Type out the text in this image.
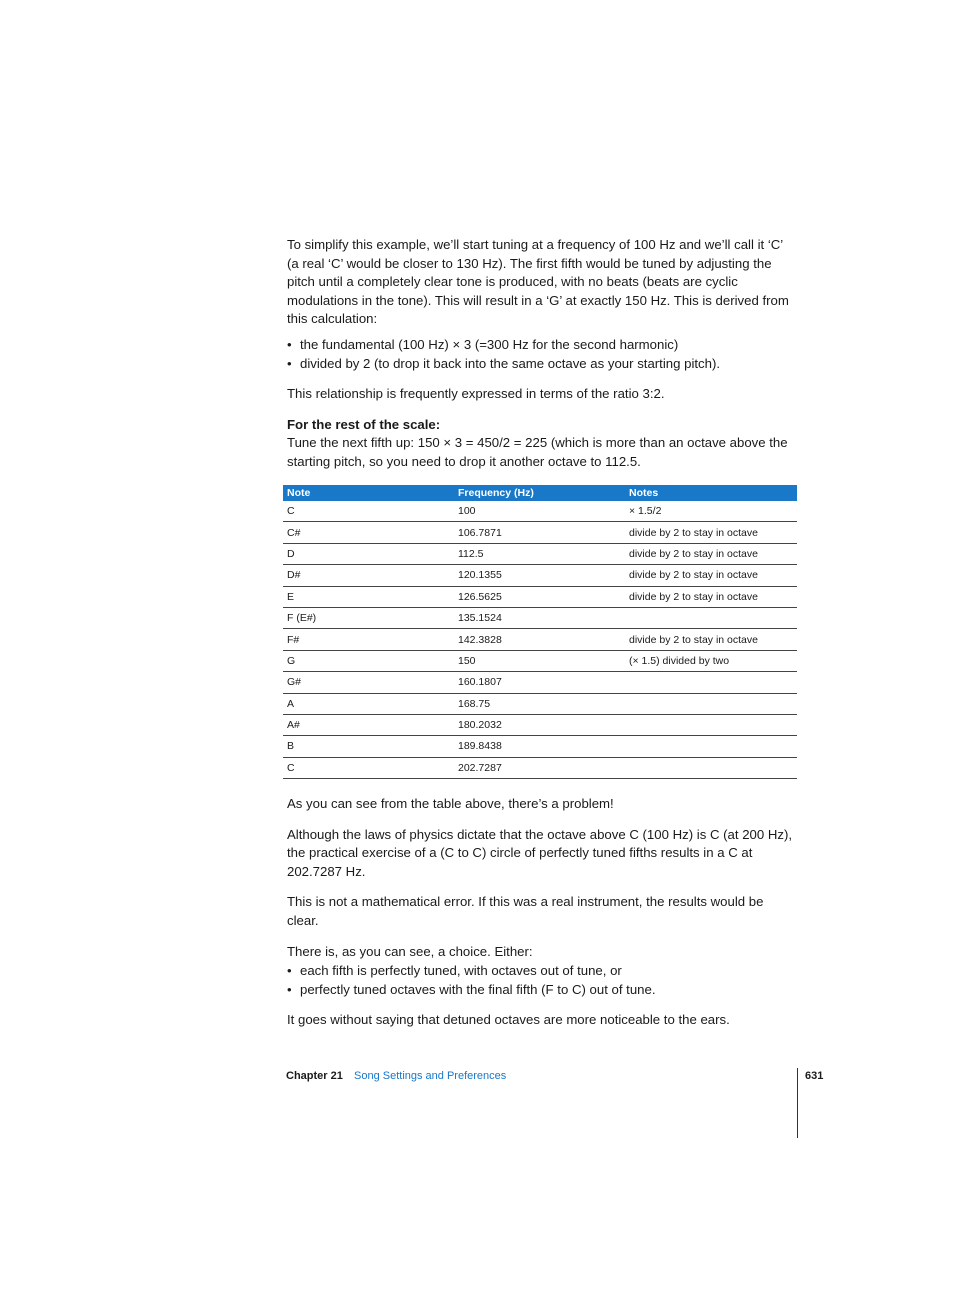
To simplify this example, we’ll start tuning at a frequency of 100 Hz and we’ll call it ‘C’ (a real ‘C’ would be closer to 130 Hz). The first fifth would be tuned by adjusting the pitch until a completely clear tone is produced, with no beats (beats are cyclic modulations in the tone). This will result in a ‘G’ at exactly 150 Hz. This is derived from this calculation:

• the fundamental (100 Hz) × 3 (=300 Hz for the second harmonic)
• divided by 2 (to drop it back into the same octave as your starting pitch).

This relationship is frequently expressed in terms of the ratio 3:2.

For the rest of the scale:

Tune the next fifth up: 150 × 3 = 450/2 = 225 (which is more than an octave above the starting pitch, so you need to drop it another octave to 112.5.

Note	Frequency (Hz)	Notes
C	100	× 1.5/2
C#	106.7871	divide by 2 to stay in octave
D	112.5	divide by 2 to stay in octave
D#	120.1355	divide by 2 to stay in octave
E	126.5625	divide by 2 to stay in octave
F (E#)	135.1524	
F#	142.3828	divide by 2 to stay in octave
G	150	(× 1.5) divided by two
G#	160.1807	
A	168.75	
A#	180.2032	
B	189.8438	
C	202.7287	

As you can see from the table above, there’s a problem!

Although the laws of physics dictate that the octave above C (100 Hz) is C (at 200 Hz), the practical exercise of a (C to C) circle of perfectly tuned fifths results in a C at 202.7287 Hz.

This is not a mathematical error. If this was a real instrument, the results would be clear.

There is, as you can see, a choice. Either:

• each fifth is perfectly tuned, with octaves out of tune, or
• perfectly tuned octaves with the final fifth (F to C) out of tune.

It goes without saying that detuned octaves are more noticeable to the ears.

Chapter 21 Song Settings and Preferences	631
